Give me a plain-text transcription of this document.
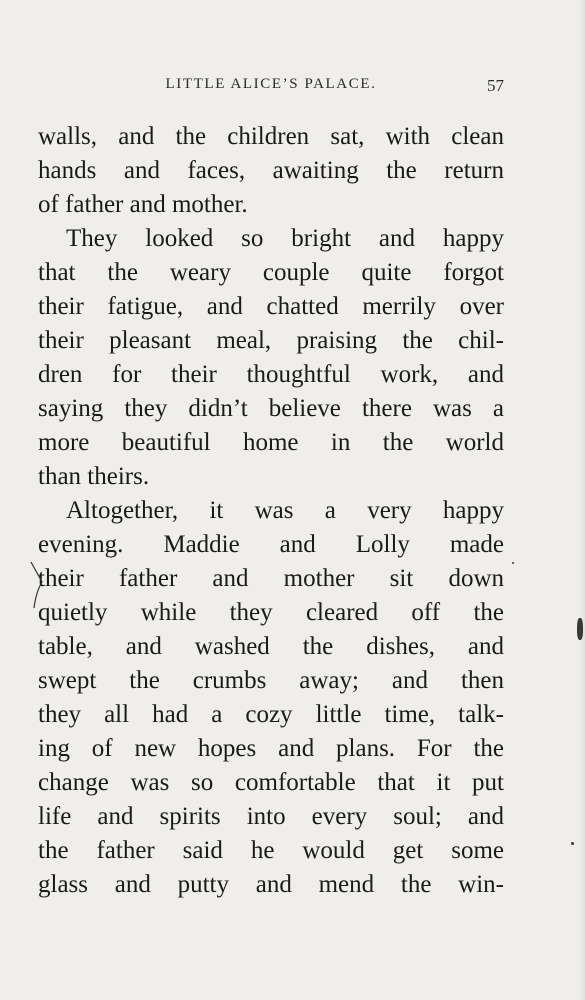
LITTLE ALICE’S PALACE.	57
walls, and the children sat, with clean
hands and faces, awaiting the return
of father and mother.
They looked so bright and happy
that the weary couple quite forgot
their fatigue, and chatted merrily over
their pleasant meal, praising the chil-
dren for their thoughtful work, and
saying they didn’t believe there was a
more beautiful home in the world
than theirs.
Altogether, it was a very happy
evening. Maddie and Lolly made
their father and mother sit down
quietly while they cleared off the
table, and washed the dishes, and
swept the crumbs away; and then
they all had a cozy little time, talk-
ing of new hopes and plans. For the
change was so comfortable that it put
life and spirits into every soul; and
the father said he would get some
glass and putty and mend the win-
